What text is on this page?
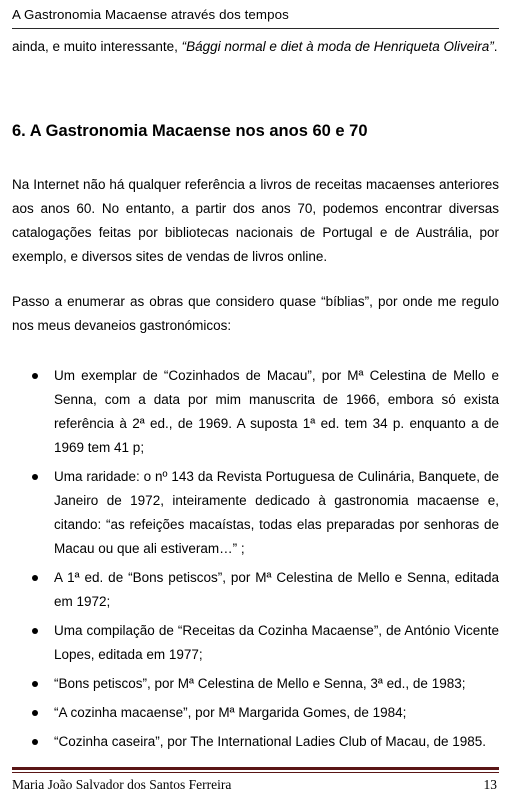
A Gastronomia Macaense através dos tempos
ainda, e muito interessante, “Bággi normal e diet à moda de Henriqueta Oliveira”.
6. A Gastronomia Macaense nos anos 60 e 70
Na Internet não há qualquer referência a livros de receitas macaenses anteriores aos anos 60. No entanto, a partir dos anos 70, podemos encontrar diversas catalogações feitas por bibliotecas nacionais de Portugal e de Austrália, por exemplo, e diversos sites de vendas de livros online.
Passo a enumerar as obras que considero quase “bíblias”, por onde me regulo nos meus devaneios gastronómicos:
Um exemplar de “Cozinhados de Macau”, por Mª Celestina de Mello e Senna, com a data por mim manuscrita de 1966, embora só exista referência à 2ª ed., de 1969. A suposta 1ª ed. tem 34 p. enquanto a de 1969 tem 41 p;
Uma raridade: o nº 143 da Revista Portuguesa de Culinária, Banquete, de Janeiro de 1972, inteiramente dedicado à gastronomia macaense e, citando: “as refeições macaístas, todas elas preparadas por senhoras de Macau ou que ali estiveram…” ;
A 1ª ed. de “Bons petiscos”, por Mª Celestina de Mello e Senna, editada em 1972;
Uma compilação de “Receitas da Cozinha Macaense”, de António Vicente Lopes, editada em 1977;
“Bons petiscos”, por Mª Celestina de Mello e Senna, 3ª ed., de 1983;
“A cozinha macaense”, por Mª Margarida Gomes, de 1984;
“Cozinha caseira”, por The International Ladies Club of Macau, de 1985.
Maria João Salvador dos Santos Ferreira	13
